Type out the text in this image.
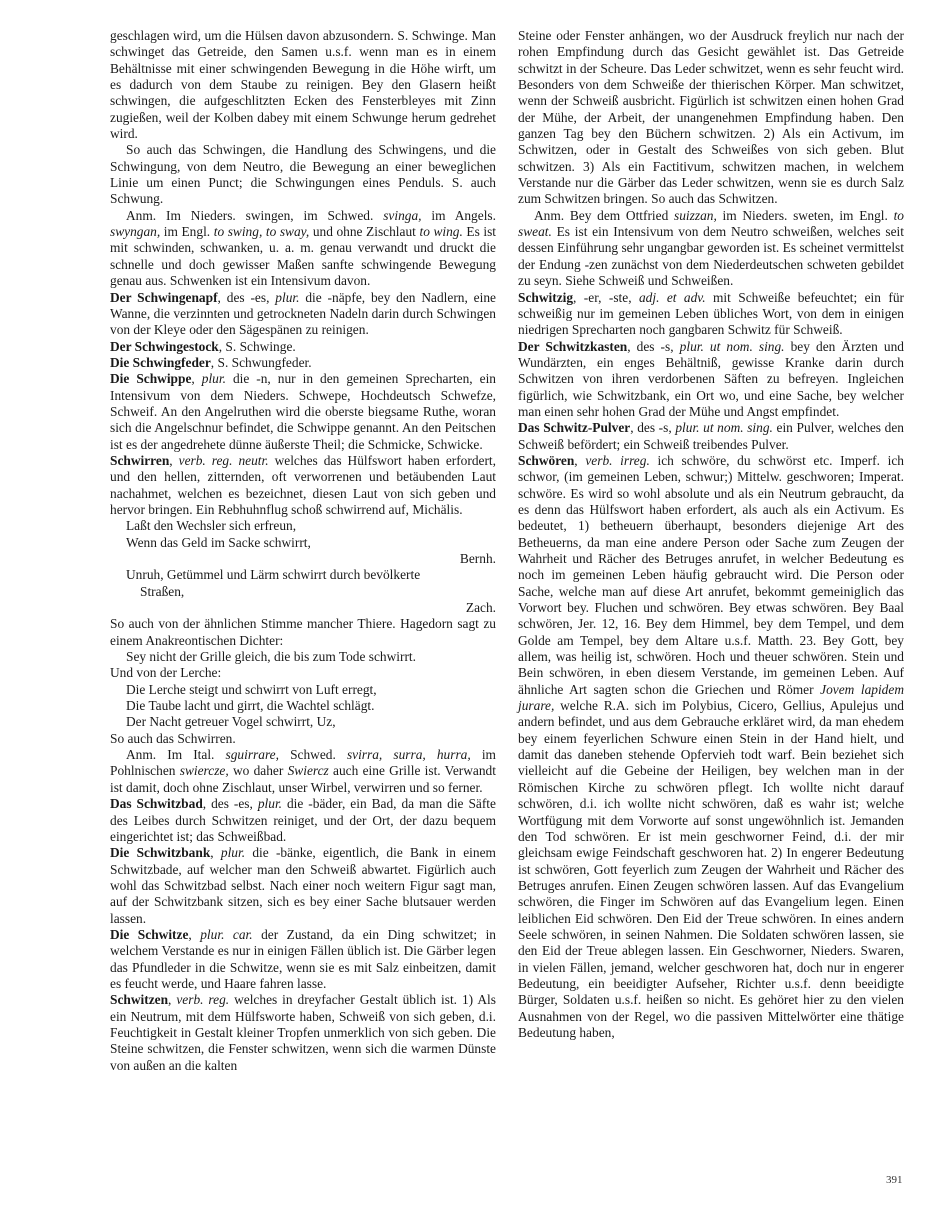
geschlagen wird, um die Hülsen davon abzusondern. S. Schwinge. Man schwinget das Getreide, den Samen u.s.f. wenn man es in einem Behältnisse mit einer schwingenden Bewegung in die Höhe wirft, um es dadurch von dem Staube zu reinigen. Bey den Glasern heißt schwingen, die aufgeschlitzten Ecken des Fensterbleyes mit Zinn zugießen, weil der Kolben dabey mit einem Schwunge herum gedrehet wird.

So auch das Schwingen, die Handlung des Schwingens, und die Schwingung, von dem Neutro, die Bewegung an einer beweglichen Linie um einen Punct; die Schwingungen eines Penduls. S. auch Schwung.

Anm. Im Nieders. swingen, im Schwed. svinga, im Angels. swyngan, im Engl. to swing, to sway, und ohne Zischlaut to wing. Es ist mit schwinden, schwanken, u. a. m. genau verwandt und druckt die schnelle und doch gewisser Maßen sanfte schwingende Bewegung genau aus. Schwenken ist ein Intensivum davon.

Der Schwingenapf, des -es, plur. die -näpfe, bey den Nadlern, eine Wanne, die verzinnten und getrockneten Nadeln darin durch Schwingen von der Kleye oder den Sägespänen zu reinigen.

Der Schwingestock, S. Schwinge.

Die Schwingfeder, S. Schwungfeder.

Die Schwippe, plur. die -n, nur in den gemeinen Sprecharten, ein Intensivum von dem Nieders. Schwepe, Hochdeutsch Schwefze, Schweif. An den Angelruthen wird die oberste biegsame Ruthe, woran sich die Angelschnur befindet, die Schwippe genannt. An den Peitschen ist es der angedrehete dünne äußerste Theil; die Schmicke, Schwicke.

Schwirren, verb. reg. neutr. welches das Hülfswort haben erfordert, und den hellen, zitternden, oft verworrenen und betäubenden Laut nachahmet, welchen es bezeichnet, diesen Laut von sich geben und hervor bringen. Ein Rebhuhnflug schoß schwirrend auf, Michälis.

Laßt den Wechsler sich erfreun,

Wenn das Geld im Sacke schwirrt,

Bernh.

Unruh, Getümmel und Lärm schwirrt durch bevölkerte

Straßen,

Zach.

So auch von der ähnlichen Stimme mancher Thiere. Hagedorn sagt zu einem Anakreontischen Dichter:

Sey nicht der Grille gleich, die bis zum Tode schwirrt.

Und von der Lerche:

Die Lerche steigt und schwirrt von Luft erregt,

Die Taube lacht und girrt, die Wachtel schlägt.

Der Nacht getreuer Vogel schwirrt, Uz,

So auch das Schwirren.

Anm. Im Ital. sguirrare, Schwed. svirra, surra, hurra, im Pohlnischen swiercze, wo daher Swiercz auch eine Grille ist. Verwandt ist damit, doch ohne Zischlaut, unser Wirbel, verwirren und so ferner.

Das Schwitzbad, des -es, plur. die -bäder, ein Bad, da man die Säfte des Leibes durch Schwitzen reiniget, und der Ort, der dazu bequem eingerichtet ist; das Schweißbad.

Die Schwitzbank, plur. die -bänke, eigentlich, die Bank in einem Schwitzbade, auf welcher man den Schweiß abwartet. Figürlich auch wohl das Schwitzbad selbst. Nach einer noch weitern Figur sagt man, auf der Schwitzbank sitzen, sich es bey einer Sache blutsauer werden lassen.

Die Schwitze, plur. car. der Zustand, da ein Ding schwitzet; in welchem Verstande es nur in einigen Fällen üblich ist. Die Gärber legen das Pfundleder in die Schwitze, wenn sie es mit Salz einbeitzen, damit es feucht werde, und Haare fahren lasse.

Schwitzen, verb. reg. welches in dreyfacher Gestalt üblich ist. 1) Als ein Neutrum, mit dem Hülfsworte haben, Schweiß von sich geben, d.i. Feuchtigkeit in Gestalt kleiner Tropfen unmerklich von sich geben. Die Steine schwitzen, die Fenster schwitzen, wenn sich die warmen Dünste von außen an die kalten

Steine oder Fenster anhängen, wo der Ausdruck freylich nur nach der rohen Empfindung durch das Gesicht gewählet ist. Das Getreide schwitzt in der Scheure. Das Leder schwitzet, wenn es sehr feucht wird. Besonders von dem Schweiße der thierischen Körper. Man schwitzet, wenn der Schweiß ausbricht. Figürlich ist schwitzen einen hohen Grad der Mühe, der Arbeit, der unangenehmen Empfindung haben. Den ganzen Tag bey den Büchern schwitzen. 2) Als ein Activum, im Schwitzen, oder in Gestalt des Schweißes von sich geben. Blut schwitzen. 3) Als ein Factitivum, schwitzen machen, in welchem Verstande nur die Gärber das Leder schwitzen, wenn sie es durch Salz zum Schwitzen bringen. So auch das Schwitzen.

Anm. Bey dem Ottfried suizzan, im Nieders. sweten, im Engl. to sweat. Es ist ein Intensivum von dem Neutro schweißen, welches seit dessen Einführung sehr ungangbar geworden ist. Es scheinet vermittelst der Endung -zen zunächst von dem Niederdeutschen schweten gebildet zu seyn. Siehe Schweiß und Schweißen.

Schwitzig, -er, -ste, adj. et adv. mit Schweiße befeuchtet; ein für schweißig nur im gemeinen Leben übliches Wort, von dem in einigen niedrigen Sprecharten noch gangbaren Schwitz für Schweiß.

Der Schwitzkasten, des -s, plur. ut nom. sing. bey den Ärzten und Wundärzten, ein enges Behältniß, gewisse Kranke darin durch Schwitzen von ihren verdorbenen Säften zu befreyen. Ingleichen figürlich, wie Schwitzbank, ein Ort wo, und eine Sache, bey welcher man einen sehr hohen Grad der Mühe und Angst empfindet.

Das Schwitz-Pulver, des -s, plur. ut nom. sing. ein Pulver, welches den Schweiß befördert; ein Schweiß treibendes Pulver.

Schwören, verb. irreg. ich schwöre, du schwörst etc. Imperf. ich schwor, (im gemeinen Leben, schwur;) Mittelw. geschworen; Imperat. schwöre. Es wird so wohl absolute und als ein Neutrum gebraucht, da es denn das Hülfswort haben erfordert, als auch als ein Activum. Es bedeutet, 1) betheuern überhaupt, besonders diejenige Art des Betheuerns, da man eine andere Person oder Sache zum Zeugen der Wahrheit und Rächer des Betruges anrufet, in welcher Bedeutung es noch im gemeinen Leben häufig gebraucht wird. Die Person oder Sache, welche man auf diese Art anrufet, bekommt gemeiniglich das Vorwort bey. Fluchen und schwören. Bey etwas schwören. Bey Baal schwören, Jer. 12, 16. Bey dem Himmel, bey dem Tempel, und dem Golde am Tempel, bey dem Altare u.s.f. Matth. 23. Bey Gott, bey allem, was heilig ist, schwören. Hoch und theuer schwören. Stein und Bein schwören, in eben diesem Verstande, im gemeinen Leben. Auf ähnliche Art sagten schon die Griechen und Römer Jovem lapidem jurare, welche R.A. sich im Polybius, Cicero, Gellius, Apulejus und andern befindet, und aus dem Gebrauche erkläret wird, da man ehedem bey einem feyerlichen Schwure einen Stein in der Hand hielt, und damit das daneben stehende Opfervieh todt warf. Bein beziehet sich vielleicht auf die Gebeine der Heiligen, bey welchen man in der Römischen Kirche zu schwören pflegt. Ich wollte nicht darauf schwören, d.i. ich wollte nicht schwören, daß es wahr ist; welche Wortfügung mit dem Vorworte auf sonst ungewöhnlich ist. Jemanden den Tod schwören. Er ist mein geschworner Feind, d.i. der mir gleichsam ewige Feindschaft geschworen hat. 2) In engerer Bedeutung ist schwören, Gott feyerlich zum Zeugen der Wahrheit und Rächer des Betruges anrufen. Einen Zeugen schwören lassen. Auf das Evangelium schwören, die Finger im Schwören auf das Evangelium legen. Einen leiblichen Eid schwören. Den Eid der Treue schwören. In eines andern Seele schwören, in seinen Nahmen. Die Soldaten schwören lassen, sie den Eid der Treue ablegen lassen. Ein Geschworner, Nieders. Swaren, in vielen Fällen, jemand, welcher geschworen hat, doch nur in engerer Bedeutung, ein beeidigter Aufseher, Richter u.s.f. denn beeidigte Bürger, Soldaten u.s.f. heißen so nicht. Es gehöret hier zu den vielen Ausnahmen von der Regel, wo die passiven Mittelwörter eine thätige Bedeutung haben,

391
